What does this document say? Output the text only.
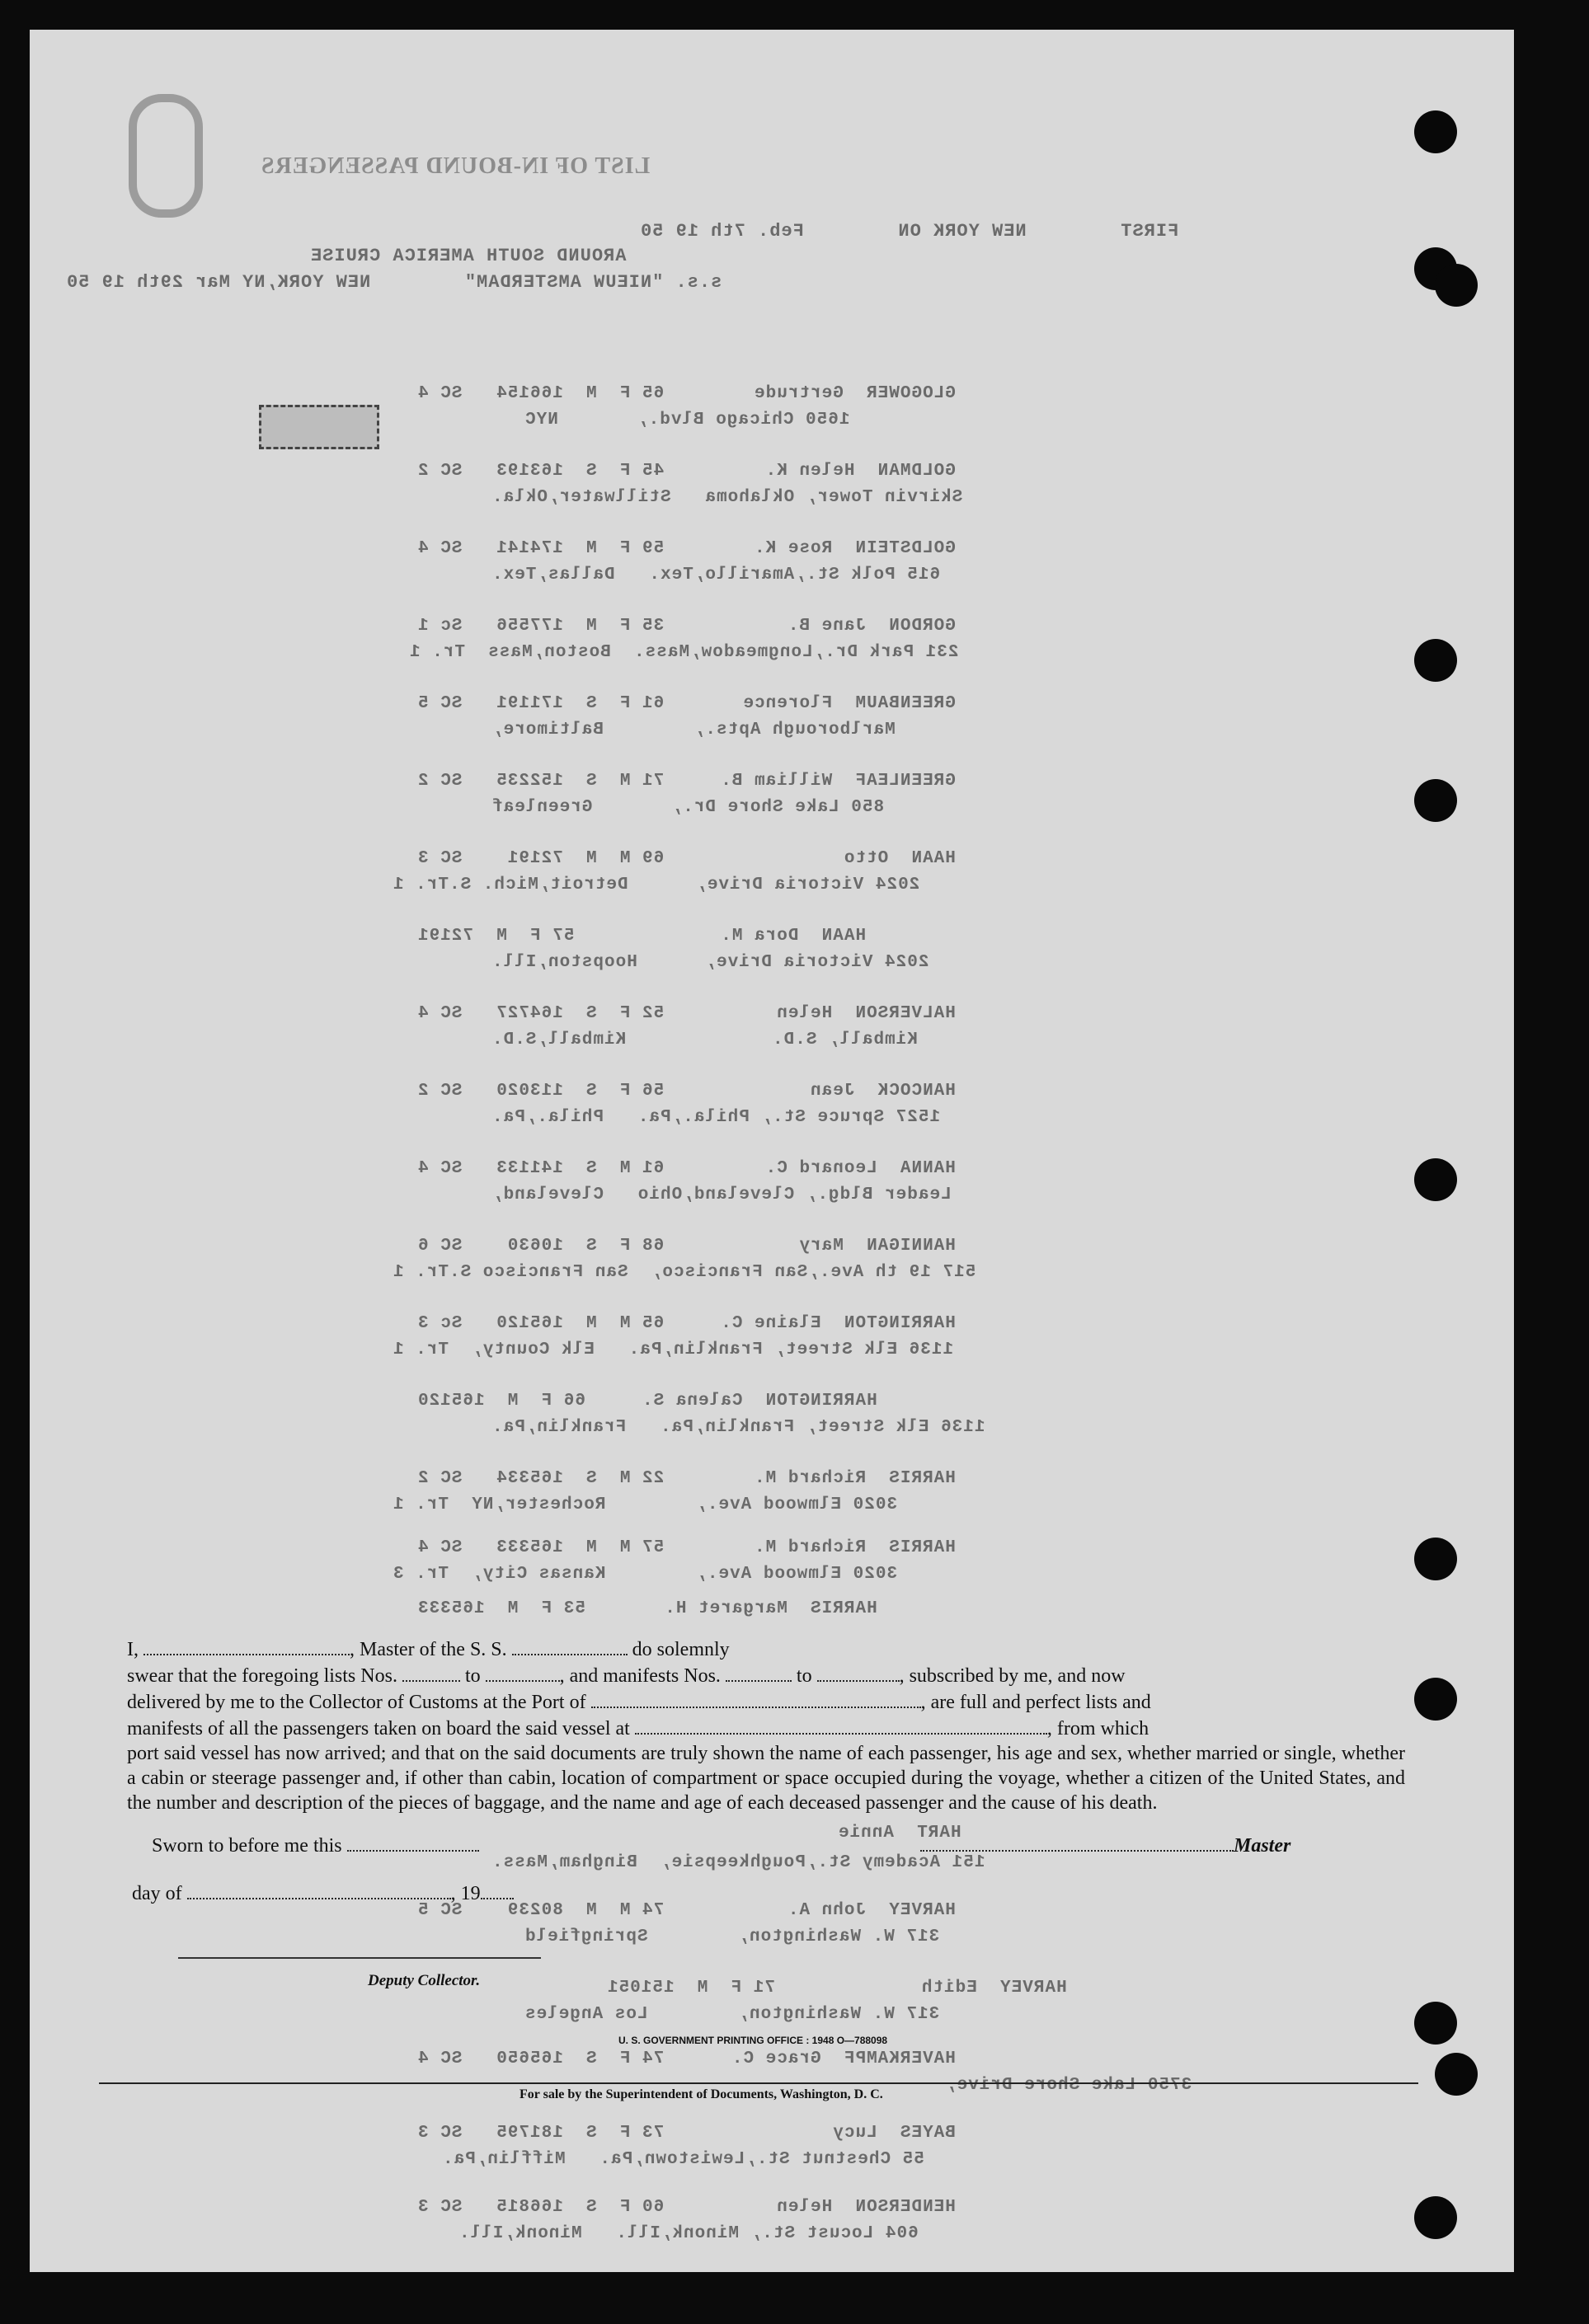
LIST OF IN-BOUND PASSENGERS
FIRST        NEW YORK ON        Feb. 7th 19 50
AROUND SOUTH AMERICA CRUISE
s.s. "NIEUW AMSTERDAM"        NEW YORK,NY Mar 29th 19 50
GLOGOWER  Gertrude        65 F  M  166154   SC 4
1650 Chicago Blvd.,       NYC
GOLDMAN  Helen K.         45 F  S  163193   SC 2
Skirvin Tower, Oklahoma   Stillwater,Okla.
GOLDSTEIN  Rose K.        59 F  M  174141   SC 4
615 Polk St.,Amarillo,Tex.   Dallas,Tex.
GORDON  Jane B.           35 F  M  177556   Sc 1
231 Park Dr.,Longmeadow,Mass.  Boston,Mass  Tr. 1
GREENBAUM  Florence       61 F  S  171191   SC 5
Marlborough Apts.,        Baltimore,
GREENLEAF  William B.     71 M  S  152235   SC 2
850 Lake Shore Dr.,       Greenleaf
HAAN  Otto                69 M  M  72191    SC 3
2024 Victoria Drive,      Detroit,Mich. S.Tr. 1
HAAN  Dora M.             57 F  M  72191
2024 Victoria Drive,      Hoopston,Ill.
HALVERSON  Helen          52 F  S  164727   SC 4
Kimball, S.D.             Kimball,S.D.
HANCOCK  Jean             56 F  S  113020   SC 2
1527 Spruce St., Phila.,Pa.   Phila.,Pa.
HANNA  Leonard C.         61 M  S  141133   SC 4
Leader Bldg., Cleveland,Ohio   Cleveland,
HANNIGAN  Mary            68 F  S  10630    SC 6
517 19 th Ave.,San Francisco,  San Francisco S.Tr. 1
HARRINGTON  Elaine C.     65 M  M  165120   Sc 3
1136 Elk Street, Franklin,Pa.   Elk County,  Tr. 1
HARRINGTON  Calena S.     66 F  M  165120
1136 Elk Street, Franklin,Pa.   Franklin,Pa.
HARRIS  Richard M.        22 M  S  165334   SC 2
3020 Elmwood Ave.,        Rochester,NY  Tr. 1
HARRIS  Richard M.        57 M  M  165333   SC 4
3020 Elmwood Ave.,        Kansas City,  Tr. 3
HARRIS  Margaret H.       53 F  M  165333
HART  Annie
151 Academy St.,Poughkeepsie,  Bingham,Mass.
HARVEY  John A.           74 M  M  80239    SC 5
317 W. Washington,        Springfield
HARVEY  Edith             71 F  M  151051
317 W. Washington,        Los Angeles
HAVERKAMPF  Grace C.      74 F  S  165650   SC 4
3750 Lake Shore Drive,
BAYES  Lucy               73 F  S  181795   SC 3
55 Chestnut St.,Lewistown,Pa.   Mifflin,Pa.
HENDERSON  Helen          60 F  S  166815   SC 3
604 Locust St., Minonk,Ill.   Minonk,Ill.

I,	, Master of the S. S.	do solemnly

swear that the foregoing lists Nos.	to	, and manifests Nos.	to	, subscribed by me, and now

delivered by me to the Collector of Customs at the Port of	, are full and perfect lists and

manifests of all the passengers taken on board the said vessel at	, from which

port said vessel has now arrived; and that on the said documents are truly shown the name of each passenger, his age and sex, whether married or single, whether a cabin or steerage passenger and, if other than cabin, location of compartment or space occupied during the voyage, whether a citizen of the United States, and the number and description of the pieces of baggage, and the name and age of each deceased passenger and the cause of his death.

Sworn to before me this	Master
day of	, 19
Deputy Collector.
U. S. GOVERNMENT PRINTING OFFICE : 1948 O—788098
For sale by the Superintendent of Documents, Washington, D. C.
